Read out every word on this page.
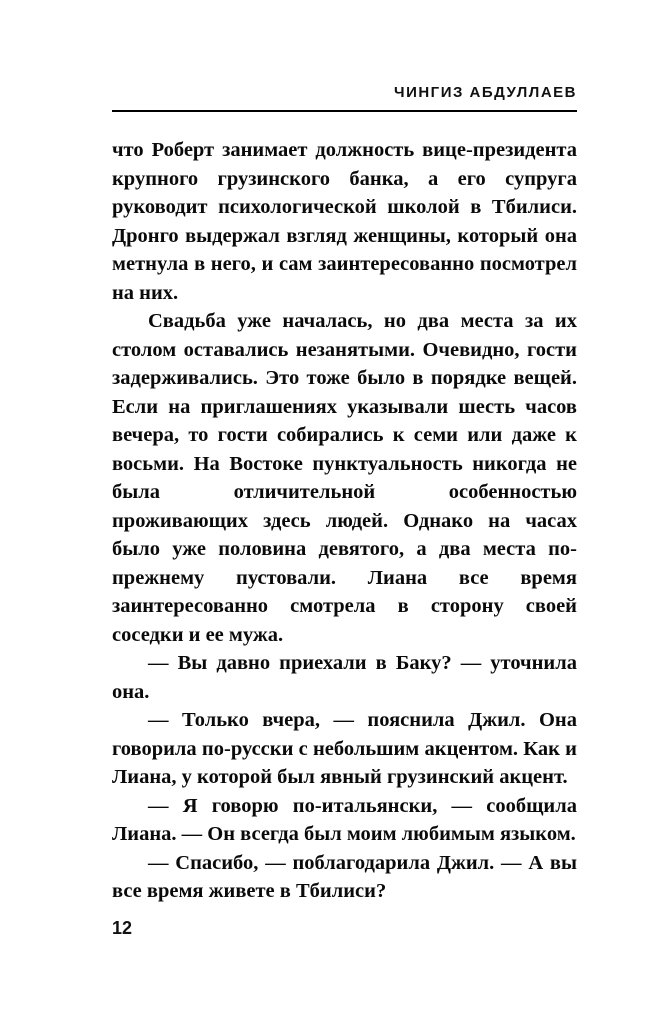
ЧИНГИЗ АБДУЛЛАЕВ

что Роберт занимает должность вице-президента крупного грузинского банка, а его супруга руководит психологической школой в Тбилиси. Дронго выдержал взгляд женщины, который она метнула в него, и сам заинтересованно посмотрел на них.

Свадьба уже началась, но два места за их столом оставались незанятыми. Очевидно, гости задерживались. Это тоже было в порядке вещей. Если на приглашениях указывали шесть часов вечера, то гости собирались к семи или даже к восьми. На Востоке пунктуальность никогда не была отличительной особенностью проживающих здесь людей. Однако на часах было уже половина девятого, а два места по-прежнему пустовали. Лиана все время заинтересованно смотрела в сторону своей соседки и ее мужа.

— Вы давно приехали в Баку? — уточнила она.

— Только вчера, — пояснила Джил. Она говорила по-русски с небольшим акцентом. Как и Лиана, у которой был явный грузинский акцент.

— Я говорю по-итальянски, — сообщила Лиана. — Он всегда был моим любимым языком.

— Спасибо, — поблагодарила Джил. — А вы все время живете в Тбилиси?

12
